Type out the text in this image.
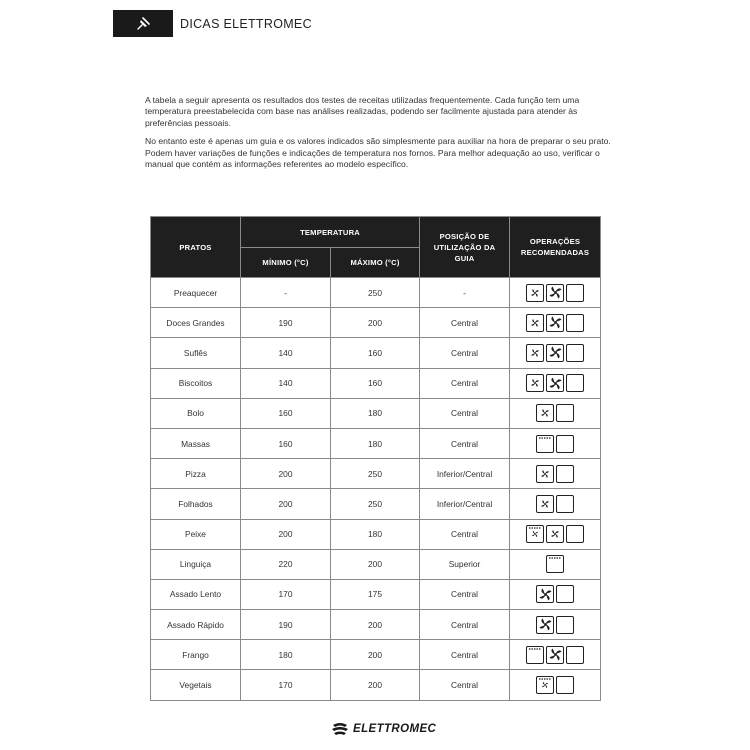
DICAS ELETTROMEC

A tabela a seguir apresenta os resultados dos testes de receitas utilizadas frequentemente. Cada função tem uma temperatura preestabelecida com base nas análises realizadas, podendo ser facilmente ajustada para atender às preferências pessoais.

No entanto este é apenas um guia e os valores indicados são simplesmente para auxiliar na hora de preparar o seu prato. Podem haver variações de funções e indicações de temperatura nos fornos. Para melhor adequação ao uso, verificar o manual que contém as informações referentes ao modelo específico.

PRATOS	TEMPERATURA		POSIÇÃO DE UTILIZAÇÃO DA GUIA	OPERAÇÕES RECOMENDADAS
	MÍNIMO (°C)	MÁXIMO (°C)		
Preaquecer	-	250	-	

Doces Grandes	190	200	Central	

Suflês	140	160	Central	

Biscoitos	140	160	Central	

Bolo	160	180	Central	

Massas	160	180	Central	

Pizza	200	250	Inferior/Central	

Folhados	200	250	Inferior/Central	

Peixe	200	180	Central	

Linguiça	220	200	Superior	

Assado Lento	170	175	Central	

Assado Rápido	190	200	Central	

Frango	180	200	Central	

Vegetais	170	200	Central	
ELETTROMEC
